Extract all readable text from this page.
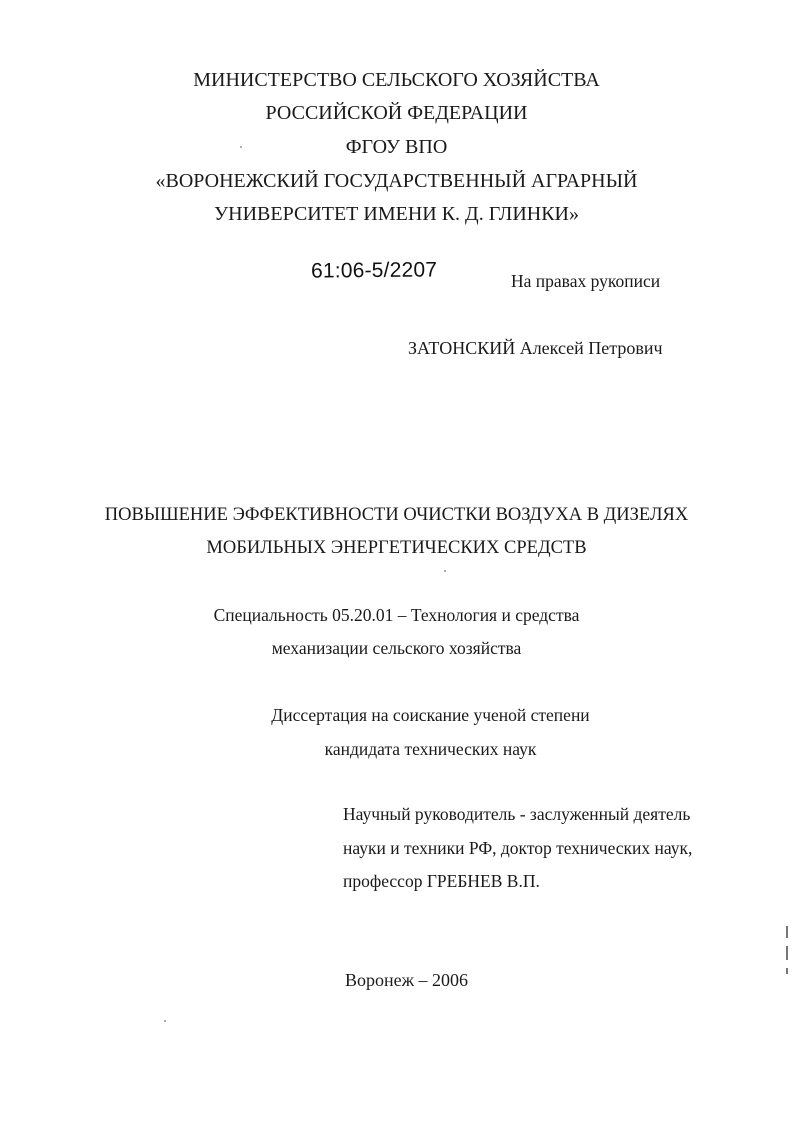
МИНИСТЕРСТВО СЕЛЬСКОГО ХОЗЯЙСТВА
РОССИЙСКОЙ ФЕДЕРАЦИИ
ФГОУ ВПО
«ВОРОНЕЖСКИЙ ГОСУДАРСТВЕННЫЙ АГРАРНЫЙ
УНИВЕРСИТЕТ ИМЕНИ К. Д. ГЛИНКИ»
61:06-5/2207	На правах рукописи
ЗАТОНСКИЙ Алексей Петрович
ПОВЫШЕНИЕ ЭФФЕКТИВНОСТИ ОЧИСТКИ ВОЗДУХА В ДИЗЕЛЯХ
МОБИЛЬНЫХ ЭНЕРГЕТИЧЕСКИХ СРЕДСТВ
Специальность 05.20.01 – Технология и средства
механизации сельского хозяйства
Диссертация на соискание ученой степени
кандидата технических наук
Научный руководитель - заслуженный деятель
науки и техники РФ, доктор технических наук,
профессор ГРЕБНЕВ В.П.
Воронеж – 2006
